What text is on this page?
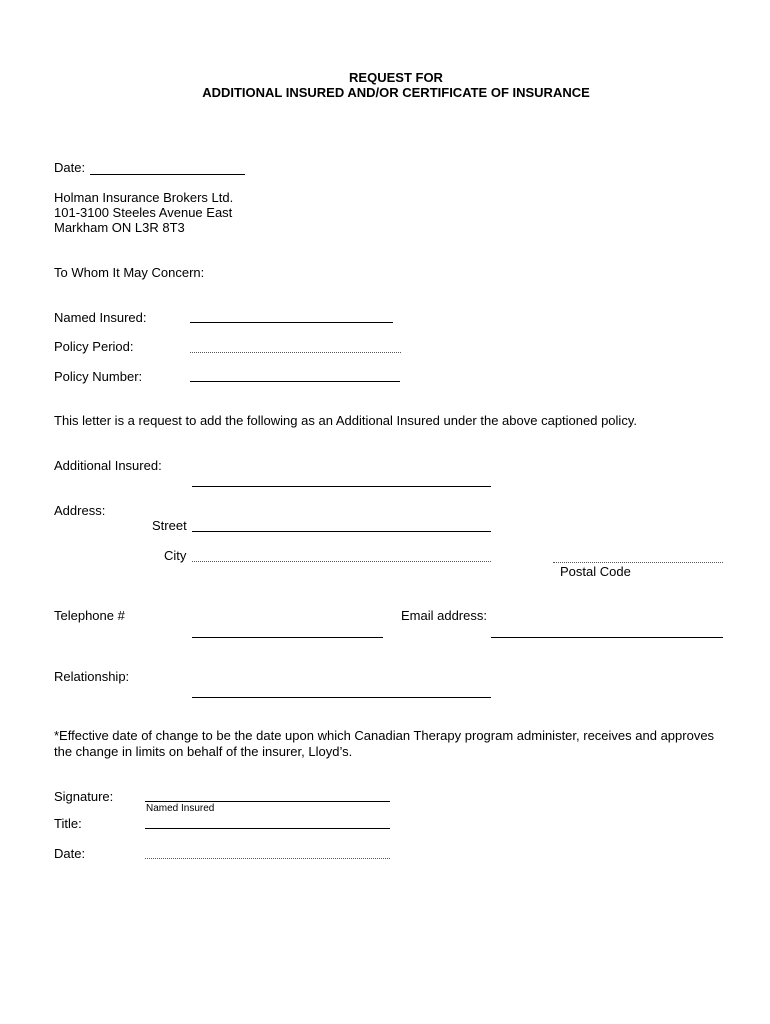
REQUEST FOR
ADDITIONAL INSURED AND/OR CERTIFICATE OF INSURANCE
Date:
Holman Insurance Brokers Ltd.
101-3100 Steeles Avenue East
Markham ON L3R 8T3
To Whom It May Concern:
Named Insured:
Policy Period:
Policy Number:
This letter is a request to add the following as an Additional Insured under the above captioned policy.
Additional Insured:
Address:
Street
City
Postal Code
Telephone #	Email address:
Relationship:
*Effective date of change to be the date upon which Canadian Therapy program administer, receives and approves the change in limits on behalf of the insurer, Lloyd’s.
Signature:
Named Insured
Title:
Date:
